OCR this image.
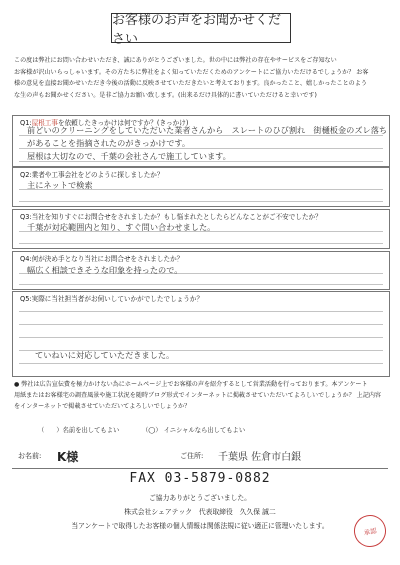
お客様のお声をお聞かせください
この度は弊社にお問い合わせいただき、誠にありがとうございました。世の中には弊社の存在やサービスをご存知ない
お客様が沢山いらっしゃいます。その方たちに弊社をよく知っていただくためのアンケートにご協力いただけるでしょうか？ お客
様の意見を直接お聞かせいただき今後の活動に反映させていただきたいと考えております。良かったこと、嬉しかったことのよう
な生の声もお聞かせください。是非ご協力お願い致します。(出来るだけ具体的に書いていただけると幸いです)
Q1:屋根工事を依頼したきっかけは何ですか？(きっかけ)
前どいのクリーニングをしていただいた業者さんから　スレートのひび割れ　街樋板金のズレ落ち
があることを指摘されたのがきっかけです。
屋根は大切なので、千葉の会社さんで施工しています。
Q2:業者や工事会社をどのように探しましたか？
主にネットで検索
Q3:当社を知りすぐにお問合せをされましたか？もし悩まれたとしたらどんなことがご不安でしたか？
千葉が対応範囲内と知り、すぐ問い合わせました。
Q4:何が決め手となり当社にお問合せをされましたか？
幅広く相談できそうな印象を持ったので。
Q5:実際に当社担当者がお伺いしていかがでしたでしょうか？
ていねいに対応していただきました。
● 弊社は広告宣伝費を極力かけない為にホームページ上でお客様の声を紹介するとして営業活動を行っております。本アンケート
用紙またはお客様宅の調査風景や施工状況を随時ブログ形式でインターネットに掲載させていただいてよろしいでしょうか？ 上記内容
をインターネットで掲載させていただいてよろしいでしょうか？
（ ）名前を出してもよい	（◯） イニシャルなら出してもよい
お名前: K様	ご住所: 千葉県 佐倉市白銀
FAX 03-5879-0882
ご協力ありがとうございました。
株式会社シェアテック　代表取締役　久久保 誠二
当アンケートで取得したお客様の個人情報は関係法規に従い適正に管理いたします。
承認
